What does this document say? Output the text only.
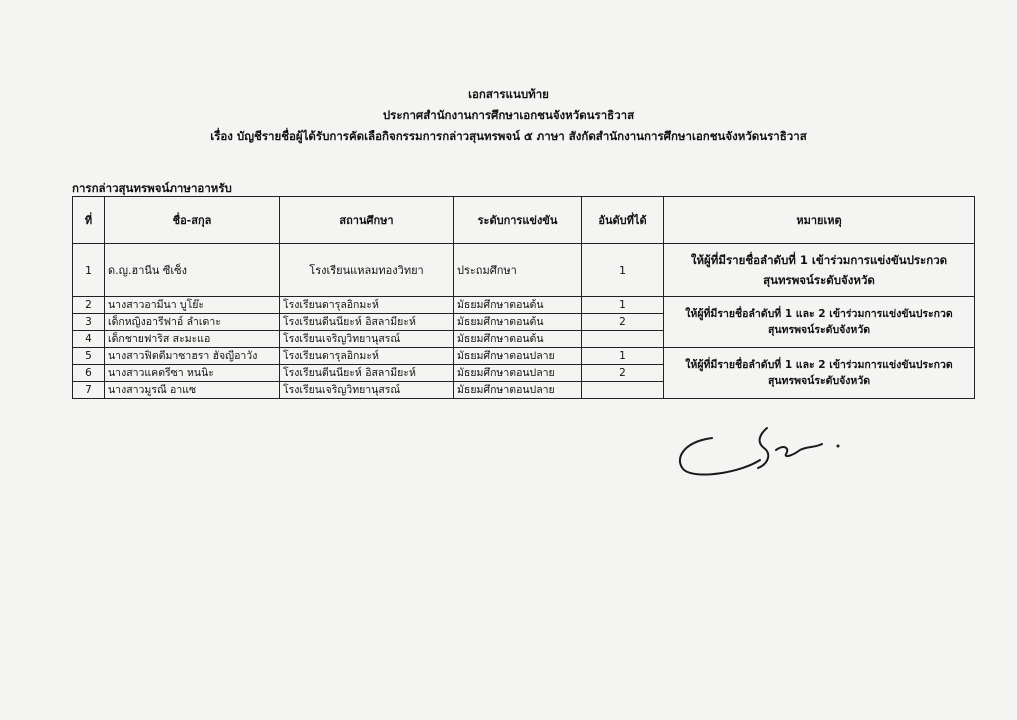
เอกสารแนบท้าย
ประกาศสำนักงานการศึกษาเอกชนจังหวัดนราธิวาส
เรื่อง บัญชีรายชื่อผู้ได้รับการคัดเลือกิจกรรมการกล่าวสุนทรพจน์ ๕ ภาษา สังกัดสำนักงานการศึกษาเอกชนจังหวัดนราธิวาส
การกล่าวสุนทรพจน์ภาษาอาหรับ
ที่	ชื่อ-สกุล	สถานศึกษา	ระดับการแข่งขัน	อันดับที่ได้	หมายเหตุ
1	ด.ญ.ฮานีน ซีเซ็ง	โรงเรียนแหลมทองวิทยา	ประถมศึกษา	1	ให้ผู้ที่มีรายชื่อลำดับที่ 1 เข้าร่วมการแข่งขันประกวดสุนทรพจน์ระดับจังหวัด
2	นางสาวอามีนา บูโย๊ะ	โรงเรียนดารุลอิกมะห์	มัธยมศึกษาตอนต้น	1	ให้ผู้ที่มีรายชื่อลำดับที่ 1 และ 2 เข้าร่วมการแข่งขันประกวดสุนทรพจน์ระดับจังหวัด
3	เด็กหญิงอารีฟาอ์ ลำเดาะ	โรงเรียนดีนนียะห์ อิสลามียะห์	มัธยมศึกษาตอนต้น	2	
4	เด็กชายฟาริส สะมะแอ	โรงเรียนเจริญวิทยานุสรณ์	มัธยมศึกษาตอนต้น		
5	นางสาวฟิตตีมาซาฮรา ฮัจญีอาวัง	โรงเรียนดารุลอิกมะห์	มัธยมศึกษาตอนปลาย	1	ให้ผู้ที่มีรายชื่อลำดับที่ 1 และ 2 เข้าร่วมการแข่งขันประกวดสุนทรพจน์ระดับจังหวัด
6	นางสาวแคตรีซา หนนิะ	โรงเรียนดีนนียะห์ อิสลามียะห์	มัธยมศึกษาตอนปลาย	2	
7	นางสาวมูรณี อาแซ	โรงเรียนเจริญวิทยานุสรณ์	มัธยมศึกษาตอนปลาย		
